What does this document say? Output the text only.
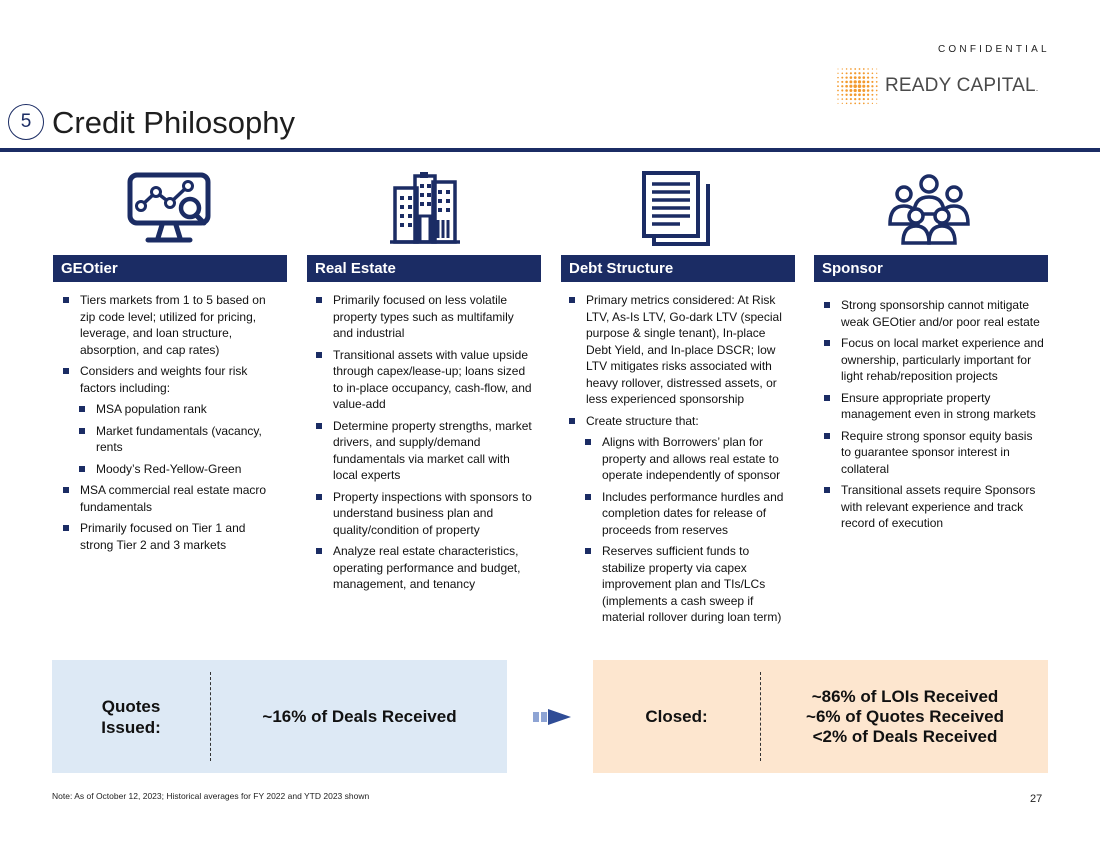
CONFIDENTIAL
READY CAPITAL.
5 Credit Philosophy
GEOtier	Real Estate	Debt Structure	Sponsor
Tiers markets from 1 to 5 based on zip code level; utilized for pricing, leverage, and loan structure, absorption, and cap rates)
Considers and weights four risk factors including:
MSA population rank
Market fundamentals (vacancy, rents
Moody’s Red-Yellow-Green
MSA commercial real estate macro fundamentals
Primarily focused on Tier 1 and strong Tier 2 and 3 markets
Primarily focused on less volatile property types such as multifamily and industrial
Transitional assets with value upside through capex/lease-up; loans sized to in-place occupancy, cash-flow, and value-add
Determine property strengths, market drivers, and supply/demand fundamentals via market call with local experts
Property inspections with sponsors to understand business plan and quality/condition of property
Analyze real estate characteristics, operating performance and budget, management, and tenancy
Primary metrics considered: At Risk LTV, As-Is LTV, Go-dark LTV (special purpose & single tenant), In-place Debt Yield, and In-place DSCR; low LTV mitigates risks associated with heavy rollover, distressed assets, or less experienced sponsorship
Create structure that:
Aligns with Borrowers’ plan for property and allows real estate to operate independently of sponsor
Includes performance hurdles and completion dates for release of proceeds from reserves
Reserves sufficient funds to stabilize property via capex improvement plan and TIs/LCs (implements a cash sweep if material rollover during loan term)
Strong sponsorship cannot mitigate weak GEOtier and/or poor real estate
Focus on local market experience and ownership, particularly important for light rehab/reposition projects
Ensure appropriate property management even in strong markets
Require strong sponsor equity basis to guarantee sponsor interest in collateral
Transitional assets require Sponsors with relevant experience and track record of execution
Quotes
Issued:
~16% of Deals Received	Closed:
~86% of LOIs Received
~6% of Quotes Received
<2% of Deals Received
Note: As of October 12, 2023; Historical averages for FY 2022 and YTD 2023 shown	27
